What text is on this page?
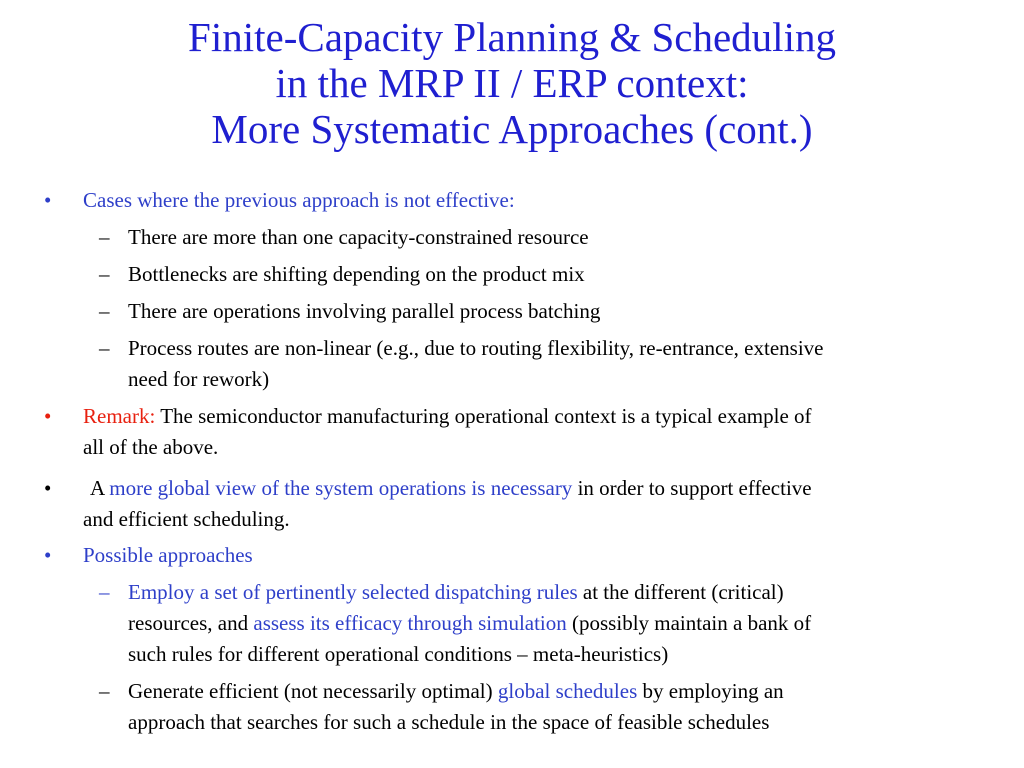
Finite-Capacity Planning & Scheduling
in the MRP II / ERP context:
More Systematic Approaches (cont.)
• Cases where the previous approach is not effective:
– There are more than one capacity-constrained resource
– Bottlenecks are shifting depending on the product mix
– There are operations involving parallel process batching
– Process routes are non-linear (e.g., due to routing flexibility, re-entrance, extensive
need for rework)
• Remark: The semiconductor manufacturing operational context is a typical example of
all of the above.
• A more global view of the system operations is necessary in order to support effective
and efficient scheduling.
• Possible approaches
– Employ a set of pertinently selected dispatching rules at the different (critical)
resources, and assess its efficacy through simulation (possibly maintain a bank of
such rules for different operational conditions – meta-heuristics)
– Generate efficient (not necessarily optimal) global schedules by employing an
approach that searches for such a schedule in the space of feasible schedules
